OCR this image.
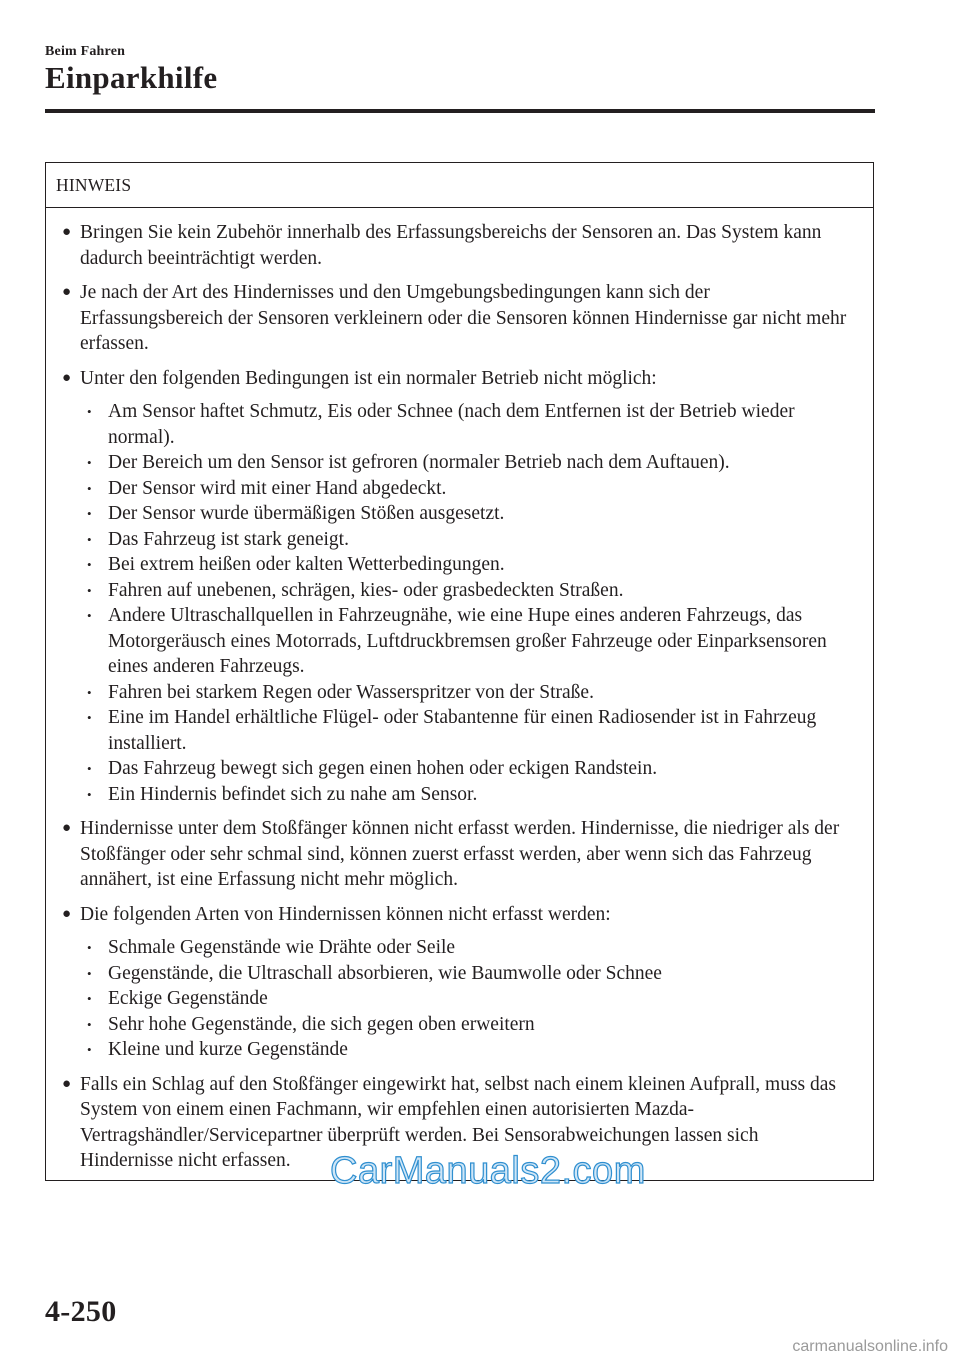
Beim Fahren
Einparkhilfe
HINWEIS
● Bringen Sie kein Zubehör innerhalb des Erfassungsbereichs der Sensoren an. Das System kann dadurch beeinträchtigt werden.
● Je nach der Art des Hindernisses und den Umgebungsbedingungen kann sich der Erfassungsbereich der Sensoren verkleinern oder die Sensoren können Hindernisse gar nicht mehr erfassen.
● Unter den folgenden Bedingungen ist ein normaler Betrieb nicht möglich:
• Am Sensor haftet Schmutz, Eis oder Schnee (nach dem Entfernen ist der Betrieb wieder normal).
• Der Bereich um den Sensor ist gefroren (normaler Betrieb nach dem Auftauen).
• Der Sensor wird mit einer Hand abgedeckt.
• Der Sensor wurde übermäßigen Stößen ausgesetzt.
• Das Fahrzeug ist stark geneigt.
• Bei extrem heißen oder kalten Wetterbedingungen.
• Fahren auf unebenen, schrägen, kies- oder grasbedeckten Straßen.
• Andere Ultraschallquellen in Fahrzeugnähe, wie eine Hupe eines anderen Fahrzeugs, das Motorgeräusch eines Motorrads, Luftdruckbremsen großer Fahrzeuge oder Einparksensoren eines anderen Fahrzeugs.
• Fahren bei starkem Regen oder Wasserspritzer von der Straße.
• Eine im Handel erhältliche Flügel- oder Stabantenne für einen Radiosender ist in Fahrzeug installiert.
• Das Fahrzeug bewegt sich gegen einen hohen oder eckigen Randstein.
• Ein Hindernis befindet sich zu nahe am Sensor.
● Hindernisse unter dem Stoßfänger können nicht erfasst werden. Hindernisse, die niedriger als der Stoßfänger oder sehr schmal sind, können zuerst erfasst werden, aber wenn sich das Fahrzeug annähert, ist eine Erfassung nicht mehr möglich.
● Die folgenden Arten von Hindernissen können nicht erfasst werden:
• Schmale Gegenstände wie Drähte oder Seile
• Gegenstände, die Ultraschall absorbieren, wie Baumwolle oder Schnee
• Eckige Gegenstände
• Sehr hohe Gegenstände, die sich gegen oben erweitern
• Kleine und kurze Gegenstände
● Falls ein Schlag auf den Stoßfänger eingewirkt hat, selbst nach einem kleinen Aufprall, muss das System von einem einen Fachmann, wir empfehlen einen autorisierten Mazda-Vertragshändler/Servicepartner überprüft werden. Bei Sensorabweichungen lassen sich Hindernisse nicht erfassen.	CarManuals2.com
4-250
carmanualsonline.info
